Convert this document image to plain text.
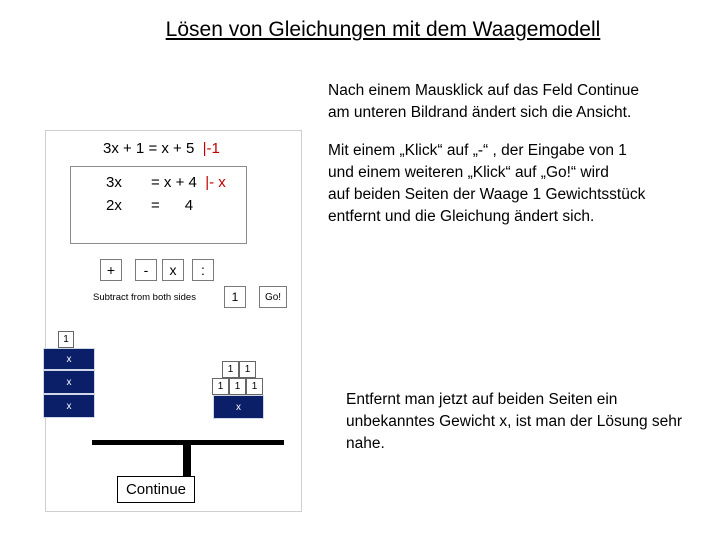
Lösen von Gleichungen mit dem Waagemodell
Nach einem Mausklick auf das Feld Continue
am unteren Bildrand ändert sich die Ansicht.
Mit einem „Klick“ auf „-“ , der Eingabe von 1
und einem weiteren „Klick“ auf „Go!“ wird
auf beiden Seiten der Waage 1 Gewichtsstück
entfernt und die Gleichung ändert sich.
Entfernt man jetzt auf beiden Seiten ein
unbekanntes Gewicht x, ist man der Lösung sehr
nahe.
3x + 1 = x + 5 |-1
3x = x + 4 |- x
2x =      4
+	-	x	:
Subtract from both sides	1	Go!
1
x
x
x
1	1
1	1	1
x
Continue
